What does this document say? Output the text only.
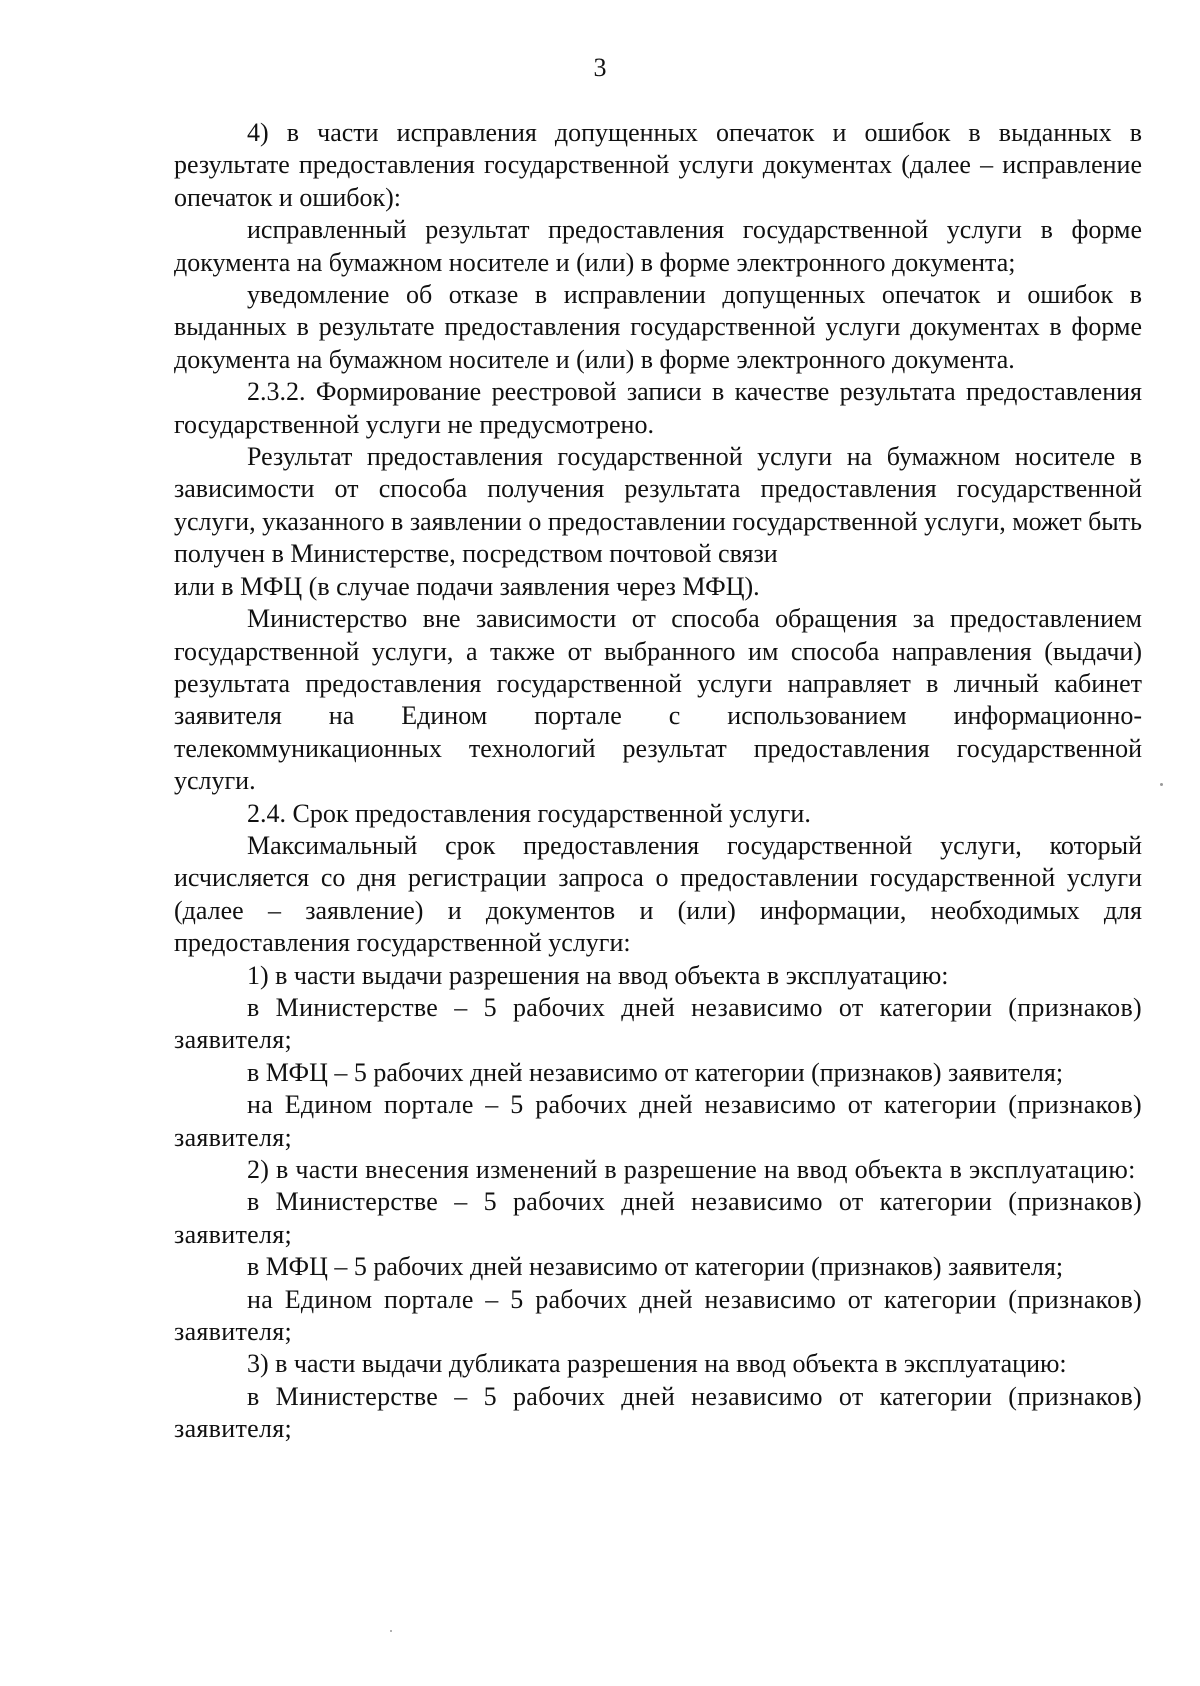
3

4) в части исправления допущенных опечаток и ошибок в выданных в результате предоставления государственной услуги документах (далее – исправление опечаток и ошибок):

исправленный результат предоставления государственной услуги в форме документа на бумажном носителе и (или) в форме электронного документа;

уведомление об отказе в исправлении допущенных опечаток и ошибок в выданных в результате предоставления государственной услуги документах в форме документа на бумажном носителе и (или) в форме электронного документа.

2.3.2. Формирование реестровой записи в качестве результата предоставления государственной услуги не предусмотрено.

Результат предоставления государственной услуги на бумажном носителе в зависимости от способа получения результата предоставления государственной услуги, указанного в заявлении о предоставлении государственной услуги, может быть получен в Министерстве, посредством почтовой связи

или в МФЦ (в случае подачи заявления через МФЦ).

Министерство вне зависимости от способа обращения за предоставлением государственной услуги, а также от выбранного им способа направления (выдачи) результата предоставления государственной услуги направляет в личный кабинет заявителя на Едином портале с использованием информационно-телекоммуникационных технологий результат предоставления государственной услуги.

2.4. Срок предоставления государственной услуги.

Максимальный срок предоставления государственной услуги, который исчисляется со дня регистрации запроса о предоставлении государственной услуги (далее – заявление) и документов и (или) информации, необходимых для предоставления государственной услуги:

1) в части выдачи разрешения на ввод объекта в эксплуатацию:

в Министерстве – 5 рабочих дней независимо от категории (признаков) заявителя;

в МФЦ – 5 рабочих дней независимо от категории (признаков) заявителя;

на Едином портале – 5 рабочих дней независимо от категории (признаков) заявителя;

2) в части внесения изменений в разрешение на ввод объекта в эксплуатацию:

в Министерстве – 5 рабочих дней независимо от категории (признаков) заявителя;

в МФЦ – 5 рабочих дней независимо от категории (признаков) заявителя;

на Едином портале – 5 рабочих дней независимо от категории (признаков) заявителя;

3) в части выдачи дубликата разрешения на ввод объекта в эксплуатацию:

в Министерстве – 5 рабочих дней независимо от категории (признаков) заявителя;
